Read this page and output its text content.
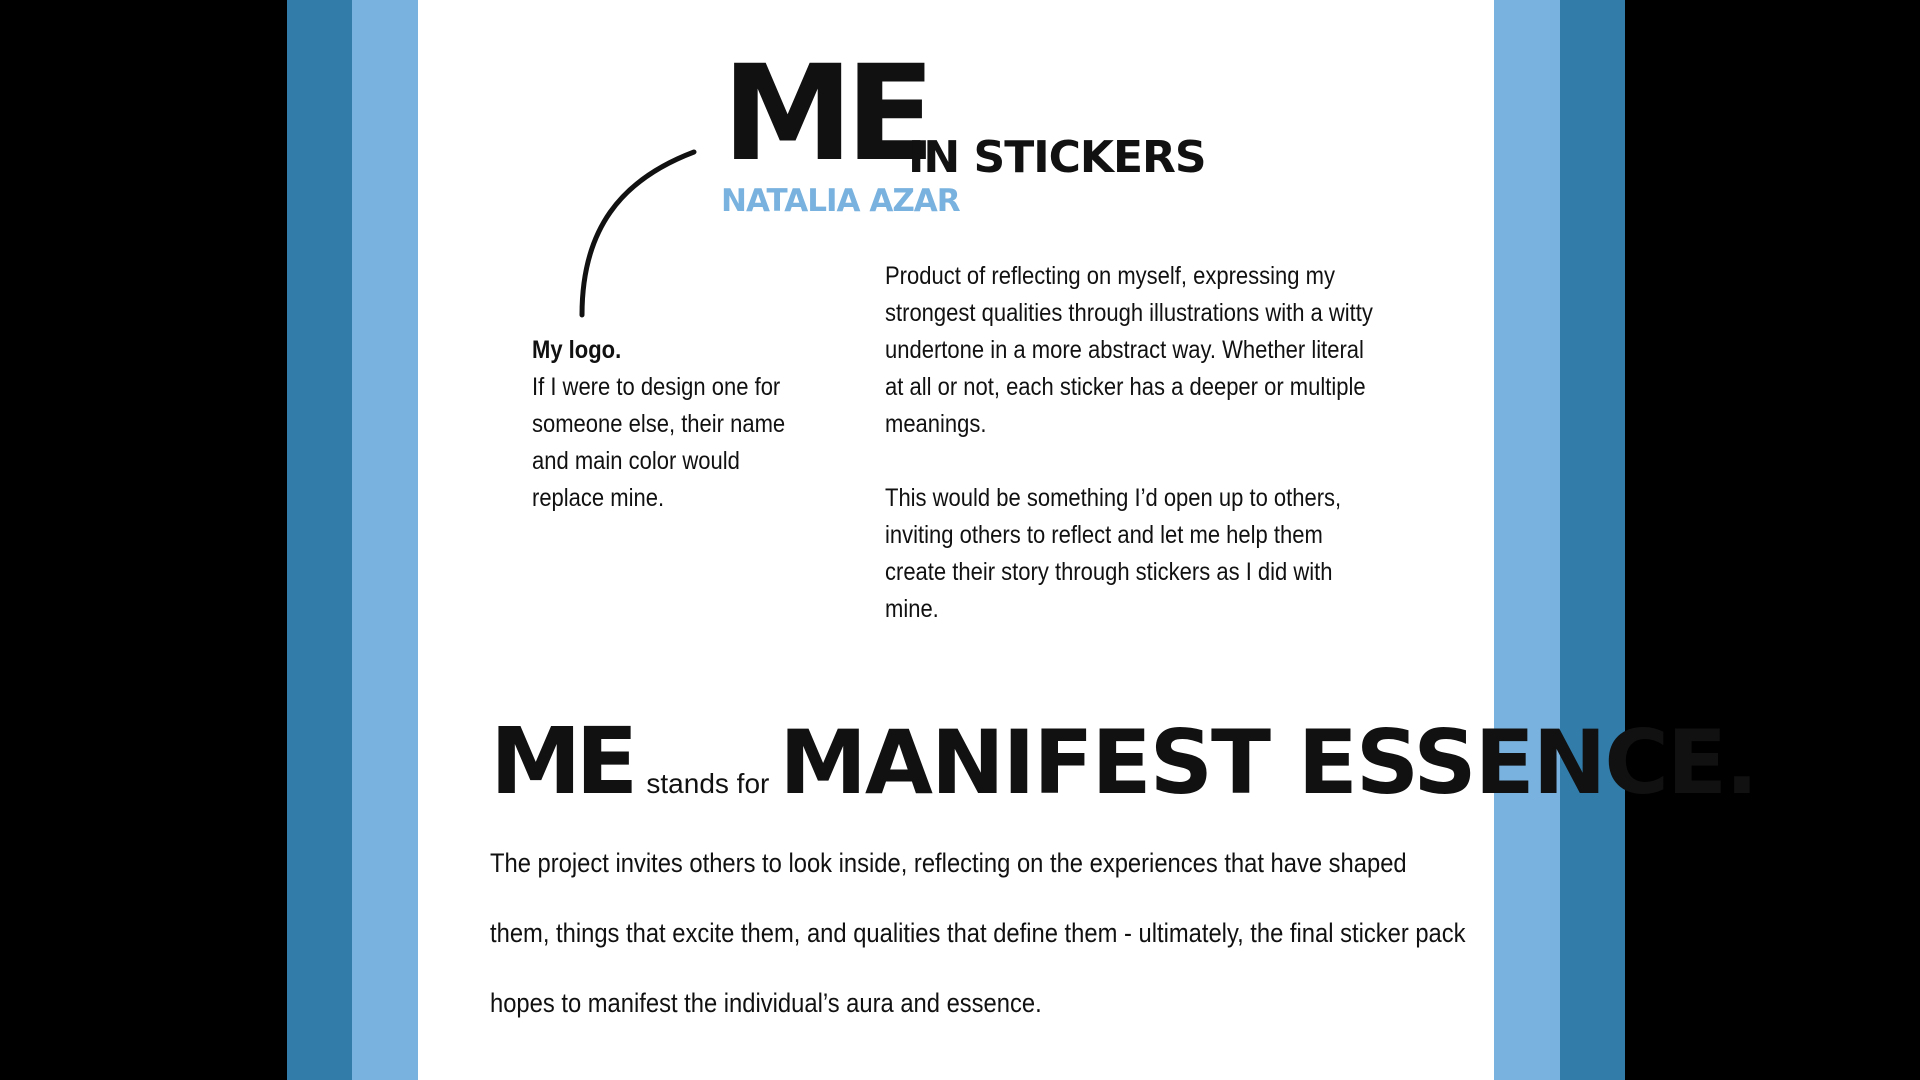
ME
IN STICKERS
NATALIA AZAR

My logo.

If I were to design one for someone else, their name and main color would replace mine.

Product of reflecting on myself, expressing my strongest qualities through illustrations with a witty undertone in a more abstract way. Whether literal at all or not, each sticker has a deeper or multiple meanings.

This would be something I’d open up to others, inviting others to reflect and let me help them create their story through stickers as I did with mine.

ME stands for MANIFEST ESSENCE.

The project invites others to look inside, reflecting on the experiences that have shaped them, things that excite them, and qualities that define them - ultimately, the final sticker pack hopes to manifest the individual’s aura and essence.
